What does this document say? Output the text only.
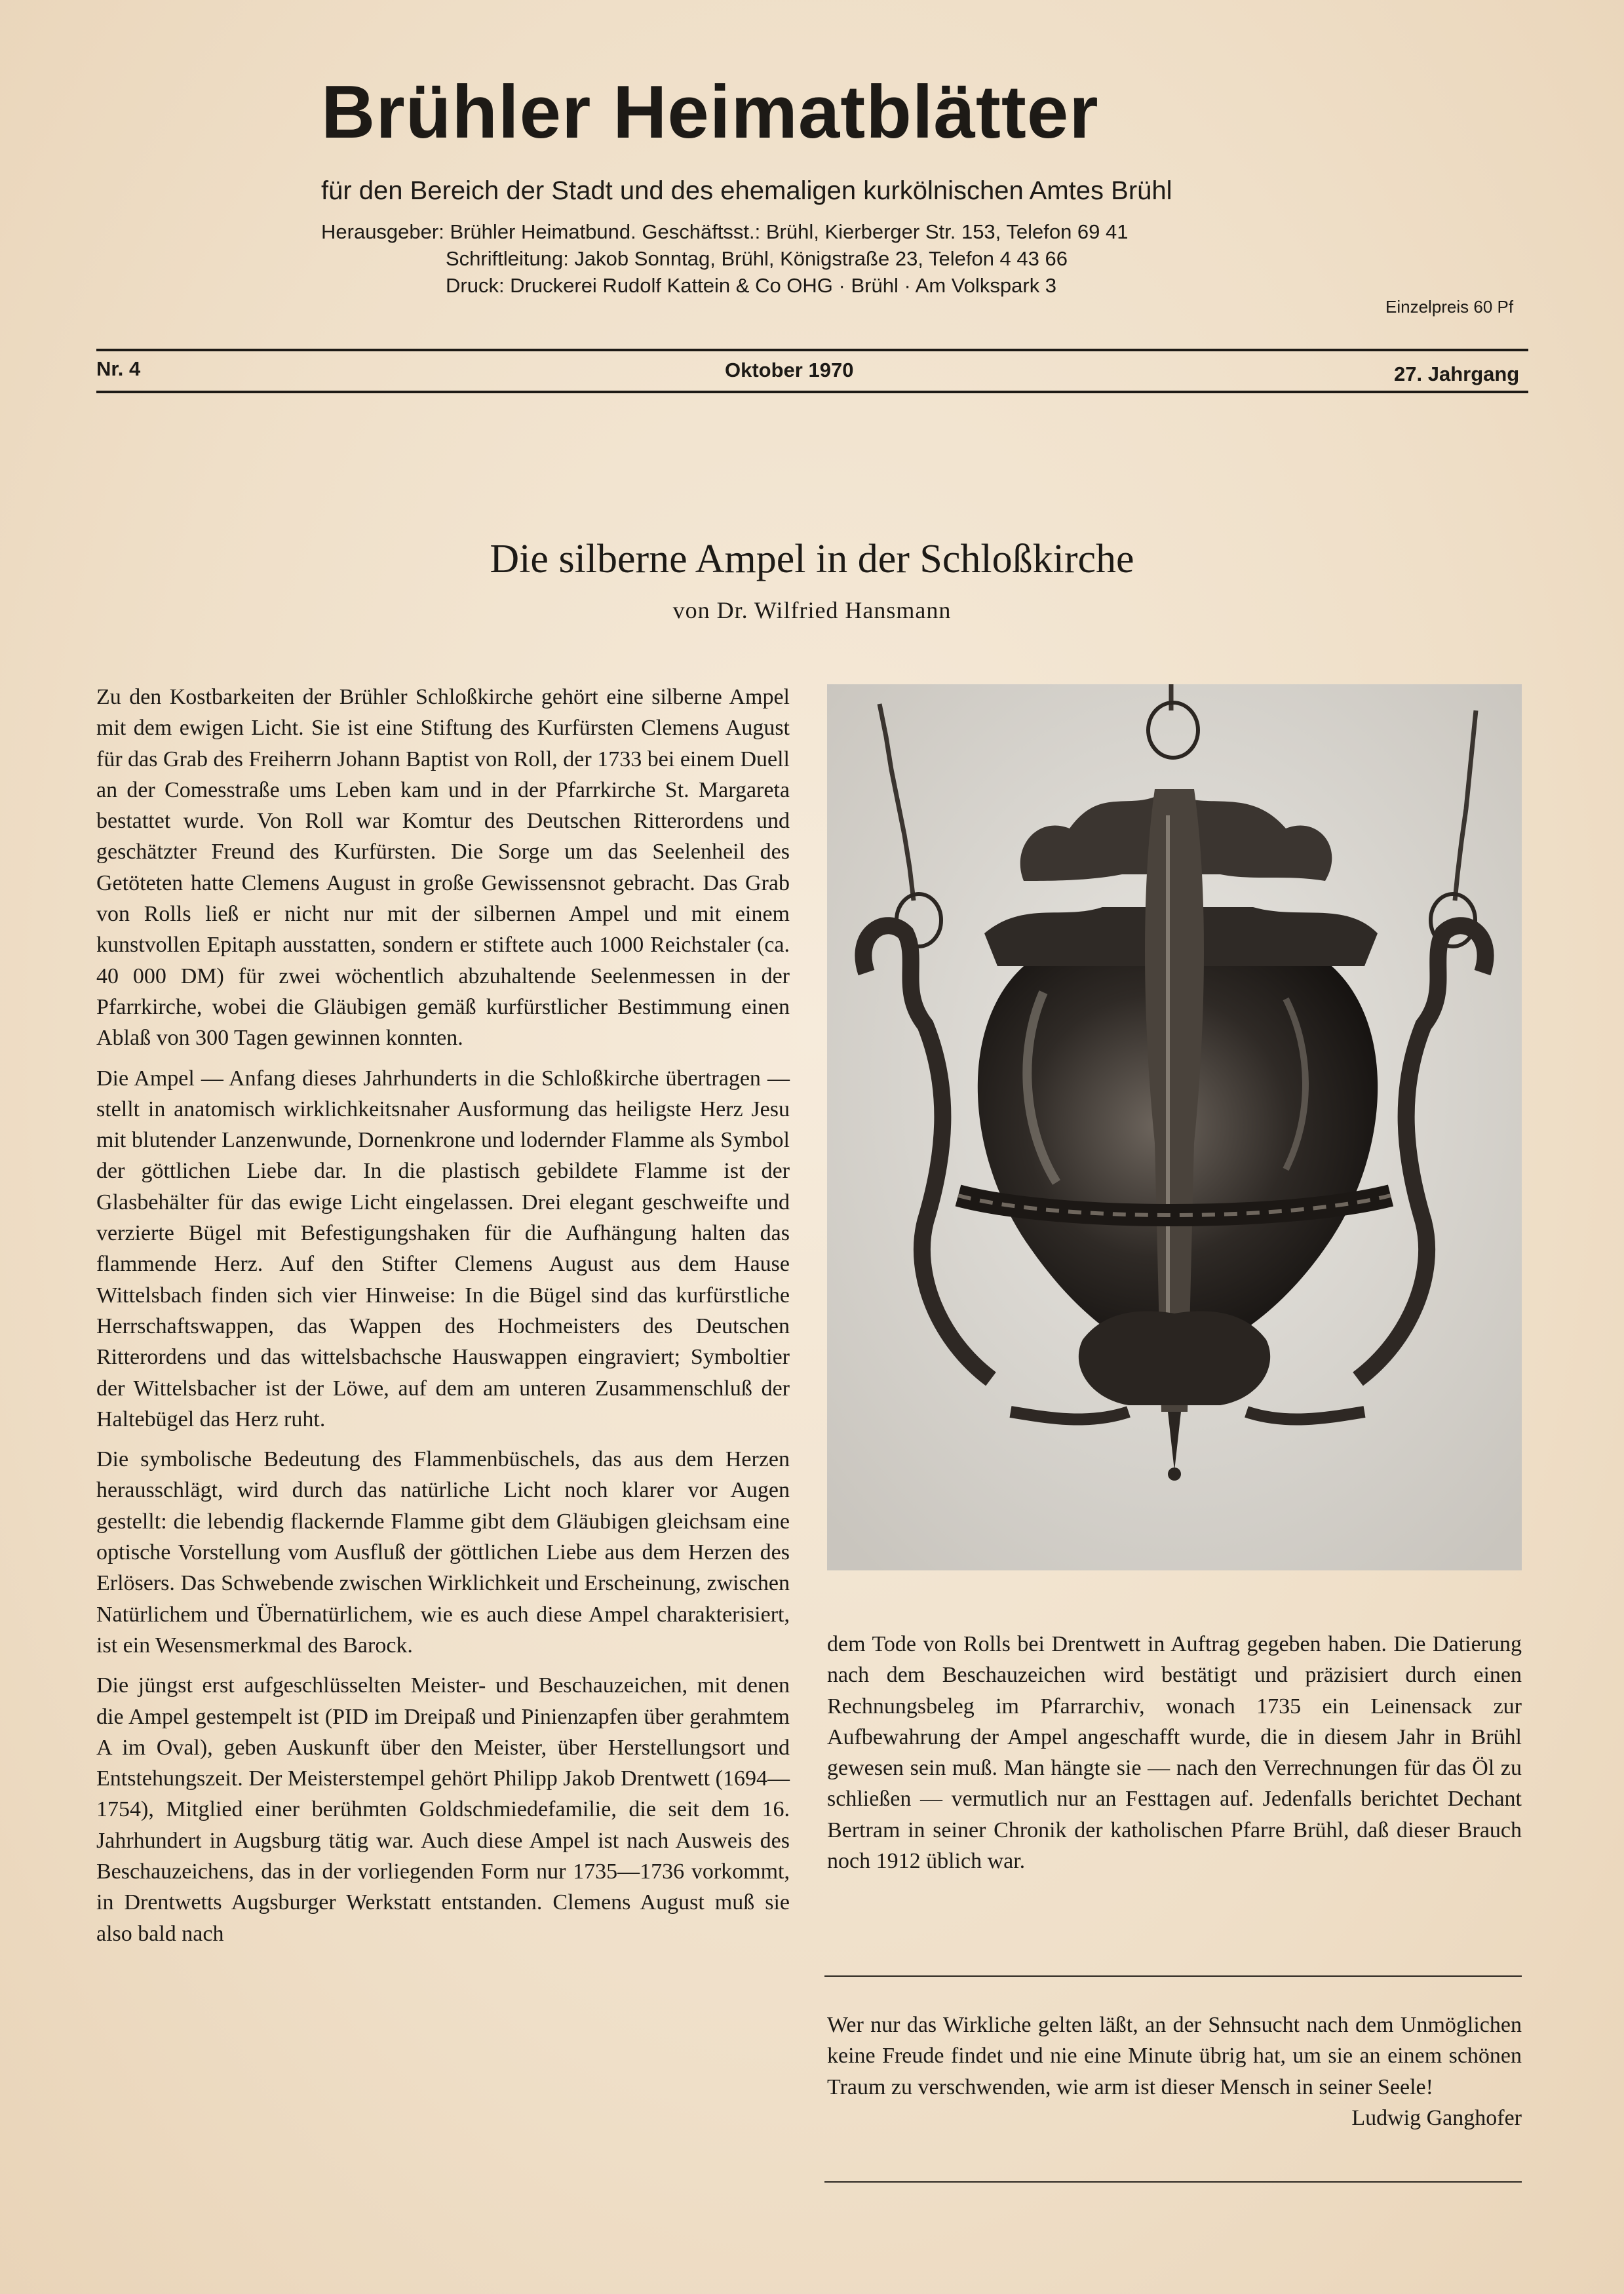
Brühler Heimatblätter
für den Bereich der Stadt und des ehemaligen kurkölnischen Amtes Brühl
Herausgeber: Brühler Heimatbund. Geschäftsst.: Brühl, Kierberger Str. 153, Telefon 69 41
Schriftleitung: Jakob Sonntag, Brühl, Königstraße 23, Telefon 4 43 66
Druck: Druckerei Rudolf Kattein & Co OHG · Brühl · Am Volkspark 3
Einzelpreis 60 Pf
Nr. 4	Oktober 1970	27. Jahrgang
Die silberne Ampel in der Schloßkirche
von Dr. Wilfried Hansmann

Zu den Kostbarkeiten der Brühler Schloßkirche gehört eine silberne Ampel mit dem ewigen Licht. Sie ist eine Stiftung des Kurfürsten Clemens August für das Grab des Freiherrn Johann Baptist von Roll, der 1733 bei einem Duell an der Comesstraße ums Leben kam und in der Pfarrkirche St. Margareta bestattet wurde. Von Roll war Komtur des Deutschen Ritterordens und geschätzter Freund des Kurfürsten. Die Sorge um das Seelenheil des Getöteten hatte Clemens August in große Gewissensnot gebracht. Das Grab von Rolls ließ er nicht nur mit der silbernen Ampel und mit einem kunstvollen Epitaph ausstatten, sondern er stiftete auch 1000 Reichstaler (ca. 40 000 DM) für zwei wöchentlich abzuhaltende Seelenmessen in der Pfarrkirche, wobei die Gläubigen gemäß kurfürstlicher Bestimmung einen Ablaß von 300 Tagen gewinnen konnten.

Die Ampel — Anfang dieses Jahrhunderts in die Schloßkirche übertragen — stellt in anatomisch wirklichkeitsnaher Ausformung das heiligste Herz Jesu mit blutender Lanzenwunde, Dornenkrone und lodernder Flamme als Symbol der göttlichen Liebe dar. In die plastisch gebildete Flamme ist der Glasbehälter für das ewige Licht eingelassen. Drei elegant geschweifte und verzierte Bügel mit Befestigungshaken für die Aufhängung halten das flammende Herz. Auf den Stifter Clemens August aus dem Hause Wittelsbach finden sich vier Hinweise: In die Bügel sind das kurfürstliche Herrschaftswappen, das Wappen des Hochmeisters des Deutschen Ritterordens und das wittelsbachsche Hauswappen eingraviert; Symboltier der Wittelsbacher ist der Löwe, auf dem am unteren Zusammenschluß der Haltebügel das Herz ruht.

Die symbolische Bedeutung des Flammenbüschels, das aus dem Herzen herausschlägt, wird durch das natürliche Licht noch klarer vor Augen gestellt: die lebendig flackernde Flamme gibt dem Gläubigen gleichsam eine optische Vorstellung vom Ausfluß der göttlichen Liebe aus dem Herzen des Erlösers. Das Schwebende zwischen Wirklichkeit und Erscheinung, zwischen Natürlichem und Übernatürlichem, wie es auch diese Ampel charakterisiert, ist ein Wesensmerkmal des Barock.

Die jüngst erst aufgeschlüsselten Meister- und Beschauzeichen, mit denen die Ampel gestempelt ist (PID im Dreipaß und Pinienzapfen über gerahmtem A im Oval), geben Auskunft über den Meister, über Herstellungsort und Entstehungszeit. Der Meisterstempel gehört Philipp Jakob Drentwett (1694—1754), Mitglied einer berühmten Goldschmiedefamilie, die seit dem 16. Jahrhundert in Augsburg tätig war. Auch diese Ampel ist nach Ausweis des Beschauzeichens, das in der vorliegenden Form nur 1735—1736 vorkommt, in Drentwetts Augsburger Werkstatt entstanden. Clemens August muß sie also bald nach

dem Tode von Rolls bei Drentwett in Auftrag gegeben haben. Die Datierung nach dem Beschauzeichen wird bestätigt und präzisiert durch einen Rechnungsbeleg im Pfarrarchiv, wonach 1735 ein Leinensack zur Aufbewahrung der Ampel angeschafft wurde, die in diesem Jahr in Brühl gewesen sein muß. Man hängte sie — nach den Verrechnungen für das Öl zu schließen — vermutlich nur an Festtagen auf. Jedenfalls berichtet Dechant Bertram in seiner Chronik der katholischen Pfarre Brühl, daß dieser Brauch noch 1912 üblich war.

Wer nur das Wirkliche gelten läßt, an der Sehnsucht nach dem Unmöglichen keine Freude findet und nie eine Minute übrig hat, um sie an einem schönen Traum zu verschwenden, wie arm ist dieser Mensch in seiner Seele!
Ludwig Ganghofer
